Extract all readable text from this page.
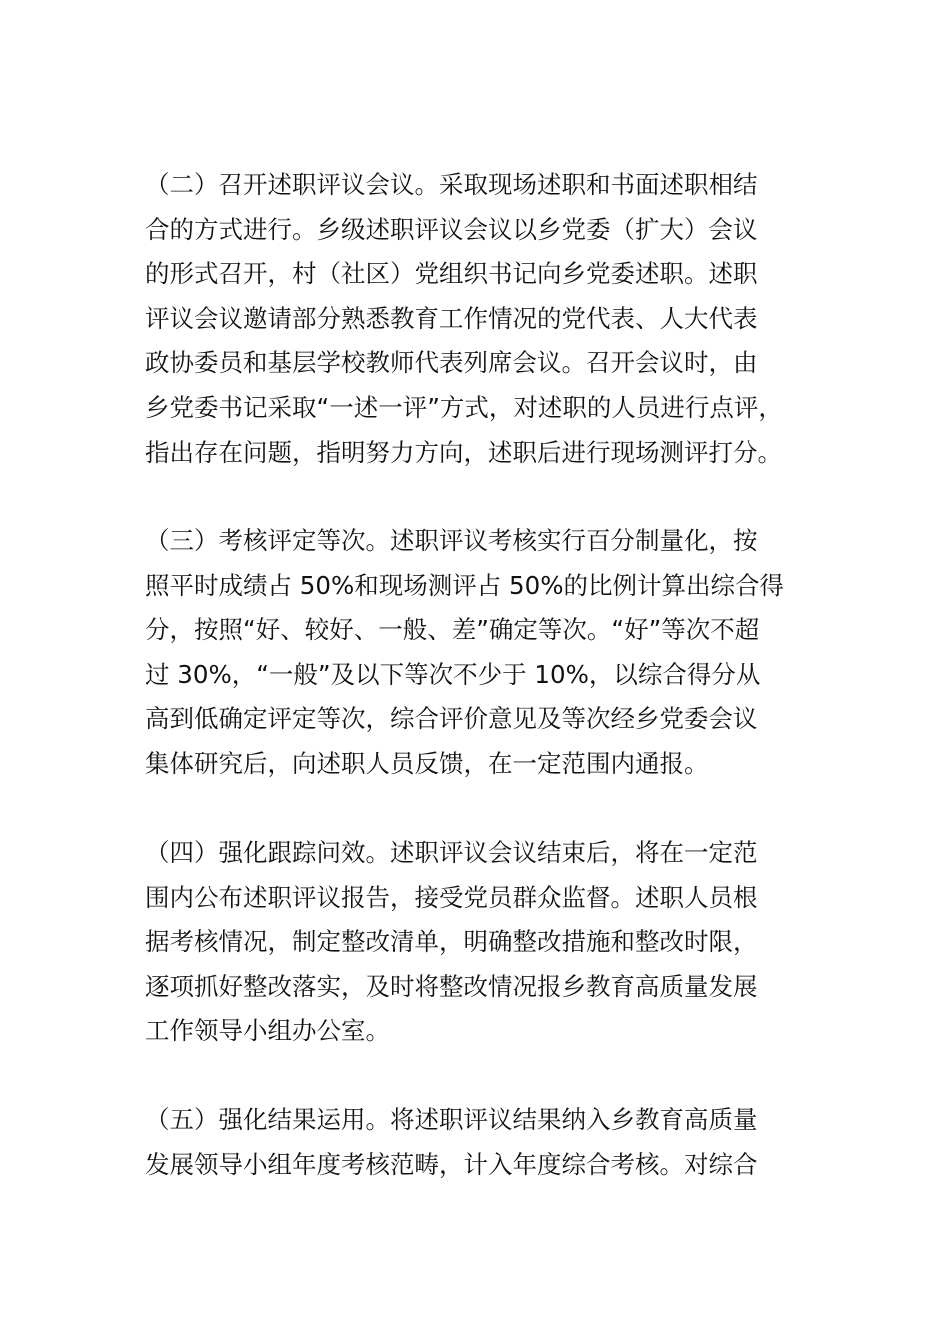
（二）召开述职评议会议。采取现场述职和书面述职相结
合的方式进行。乡级述职评议会议以乡党委（扩大）会议
的形式召开，村（社区）党组织书记向乡党委述职。述职
评议会议邀请部分熟悉教育工作情况的党代表、人大代表
政协委员和基层学校教师代表列席会议。召开会议时，由
乡党委书记采取“一述一评”方式，对述职的人员进行点评，
指出存在问题，指明努力方向，述职后进行现场测评打分。

（三）考核评定等次。述职评议考核实行百分制量化，按
照平时成绩占 50%和现场测评占 50%的比例计算出综合得
分，按照“好、较好、一般、差”确定等次。“好”等次不超
过 30%，“一般”及以下等次不少于 10%，以综合得分从
高到低确定评定等次，综合评价意见及等次经乡党委会议
集体研究后，向述职人员反馈，在一定范围内通报。

（四）强化跟踪问效。述职评议会议结束后，将在一定范
围内公布述职评议报告，接受党员群众监督。述职人员根
据考核情况，制定整改清单，明确整改措施和整改时限，
逐项抓好整改落实，及时将整改情况报乡教育高质量发展
工作领导小组办公室。

（五）强化结果运用。将述职评议结果纳入乡教育高质量
发展领导小组年度考核范畴，计入年度综合考核。对综合
